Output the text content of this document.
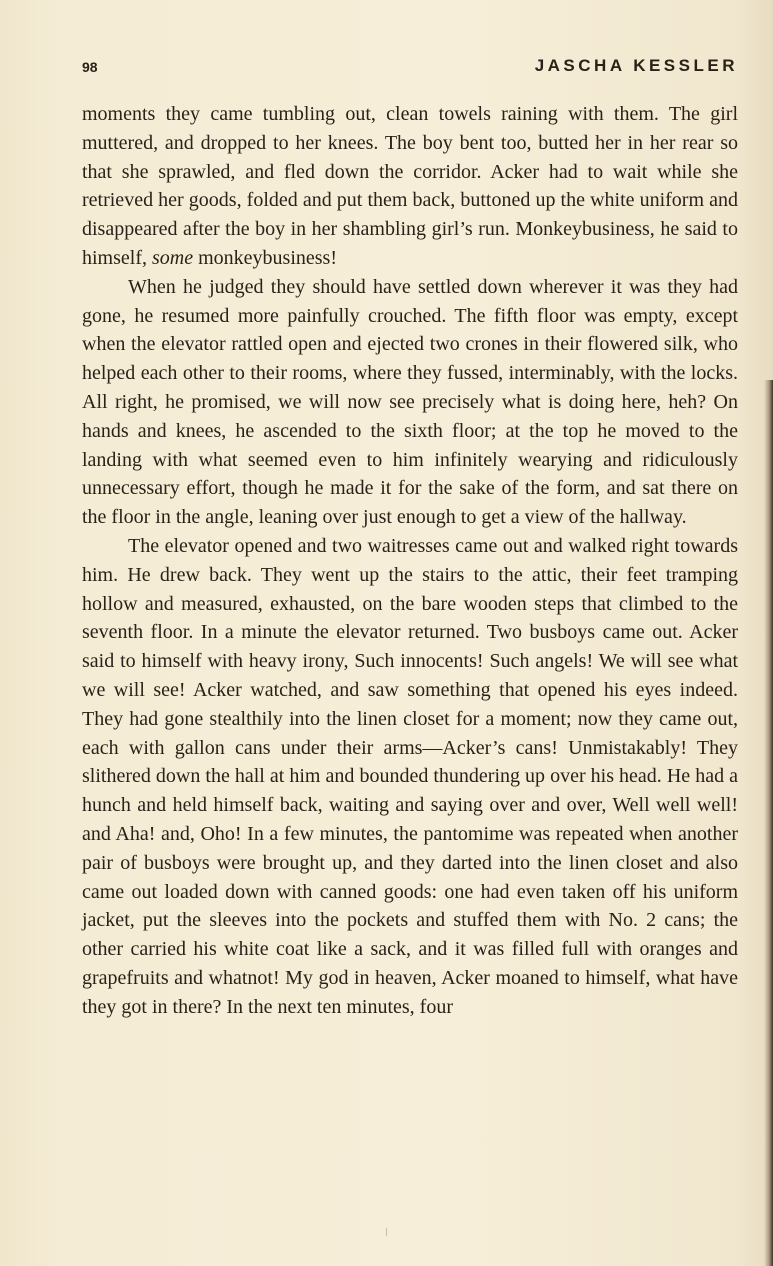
98	JASCHA KESSLER

moments they came tumbling out, clean towels raining with them. The girl muttered, and dropped to her knees. The boy bent too, butted her in her rear so that she sprawled, and fled down the corridor. Acker had to wait while she retrieved her goods, folded and put them back, buttoned up the white uniform and disappeared after the boy in her shambling girl’s run. Monkeybusiness, he said to himself, some monkeybusiness!

When he judged they should have settled down wherever it was they had gone, he resumed more painfully crouched. The fifth floor was empty, except when the elevator rattled open and ejected two crones in their flowered silk, who helped each other to their rooms, where they fussed, interminably, with the locks. All right, he promised, we will now see precisely what is doing here, heh? On hands and knees, he ascended to the sixth floor; at the top he moved to the landing with what seemed even to him infinitely wearying and ridiculously unnecessary effort, though he made it for the sake of the form, and sat there on the floor in the angle, leaning over just enough to get a view of the hallway.

The elevator opened and two waitresses came out and walked right towards him. He drew back. They went up the stairs to the attic, their feet tramping hollow and measured, exhausted, on the bare wooden steps that climbed to the seventh floor. In a minute the elevator returned. Two busboys came out. Acker said to himself with heavy irony, Such innocents! Such angels! We will see what we will see! Acker watched, and saw something that opened his eyes indeed. They had gone stealthily into the linen closet for a moment; now they came out, each with gallon cans under their arms—Acker’s cans! Unmistakably! They slithered down the hall at him and bounded thundering up over his head. He had a hunch and held himself back, waiting and saying over and over, Well well well! and Aha! and, Oho! In a few minutes, the pantomime was repeated when another pair of busboys were brought up, and they darted into the linen closet and also came out loaded down with canned goods: one had even taken off his uniform jacket, put the sleeves into the pockets and stuffed them with No. 2 cans; the other carried his white coat like a sack, and it was filled full with oranges and grapefruits and whatnot! My god in heaven, Acker moaned to himself, what have they got in there? In the next ten minutes, four
